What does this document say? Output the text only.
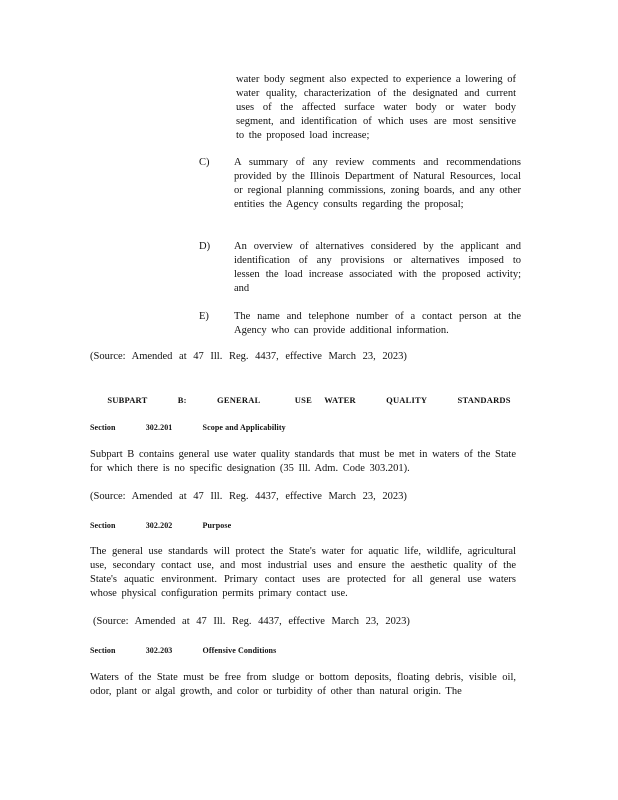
water body segment also expected to experience a lowering of water quality, characterization of the designated and current uses of the affected surface water body or water body segment, and identification of which uses are most sensitive to the proposed load increase;

C)	A summary of any review comments and recommendations provided by the Illinois Department of Natural Resources, local or regional planning commissions, zoning boards, and any other entities the Agency consults regarding the proposal;

D)	An overview of alternatives considered by the applicant and identification of any provisions or alternatives imposed to lessen the load increase associated with the proposed activity; and

E)	The name and telephone number of a contact person at the Agency who can provide additional information.

(Source: Amended at 47 Ill. Reg. 4437, effective March 23, 2023)

SUBPART	B:	GENERAL	USE WATER	QUALITY	STANDARDS
Section	302.201	Scope and Applicability

Subpart B contains general use water quality standards that must be met in waters of the State for which there is no specific designation (35 Ill. Adm. Code 303.201).

(Source: Amended at 47 Ill. Reg. 4437, effective March 23, 2023)

Section	302.202	Purpose

The general use standards will protect the State's water for aquatic life, wildlife, agricultural use, secondary contact use, and most industrial uses and ensure the aesthetic quality of the State's aquatic environment. Primary contact uses are protected for all general use waters whose physical configuration permits primary contact use.

(Source: Amended at 47 Ill. Reg. 4437, effective March 23, 2023)

Section	302.203	Offensive Conditions

Waters of the State must be free from sludge or bottom deposits, floating debris, visible oil, odor, plant or algal growth, and color or turbidity of other than natural origin. The
